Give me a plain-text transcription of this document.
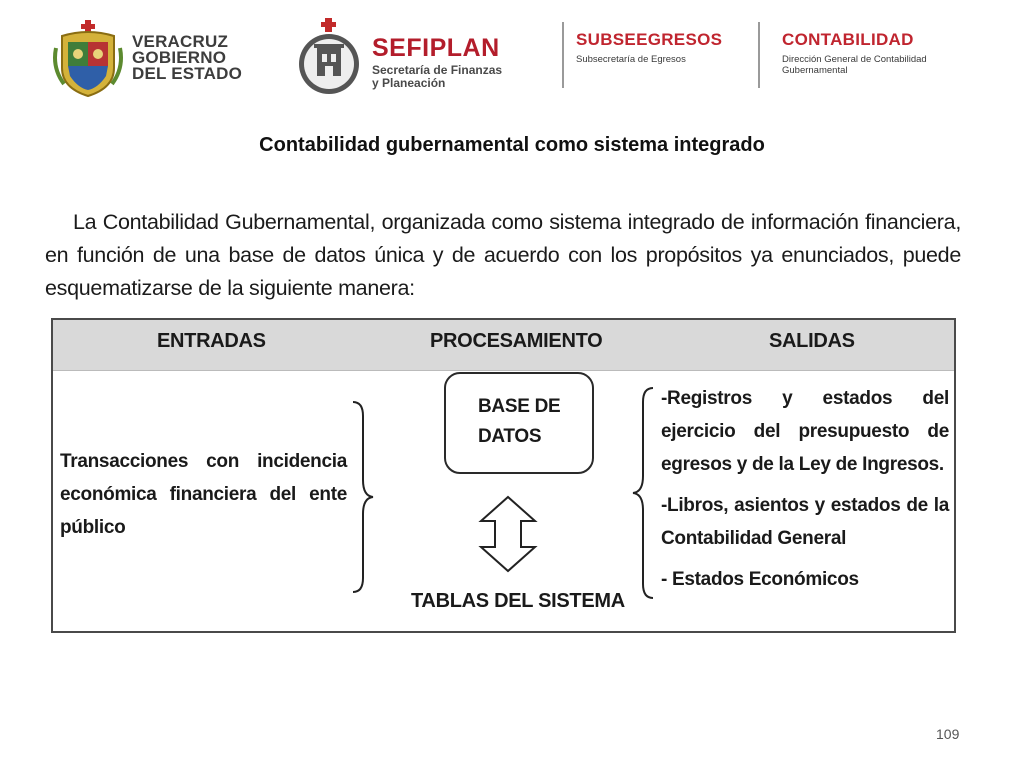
VERACRUZ
GOBIERNO
DEL ESTADO
SEFIPLAN
Secretaría de Finanzas
y Planeación
SUBSEEGRESOS
Subsecretaría de Egresos
CONTABILIDAD
Dirección General de Contabilidad Gubernamental
Contabilidad gubernamental como sistema integrado
La Contabilidad Gubernamental, organizada como sistema integrado de información financiera, en función de una base de datos única y de acuerdo con los propósitos ya enunciados, puede esquematizarse de la siguiente manera:
ENTRADAS	PROCESAMIENTO	SALIDAS
Transacciones con incidencia económica financiera del ente público
BASE DE
DATOS
TABLAS DEL SISTEMA

-Registros y estados del ejercicio del presupuesto de egresos y de la Ley de Ingresos.

-Libros, asientos y estados de la Contabilidad General

- Estados Económicos

109
